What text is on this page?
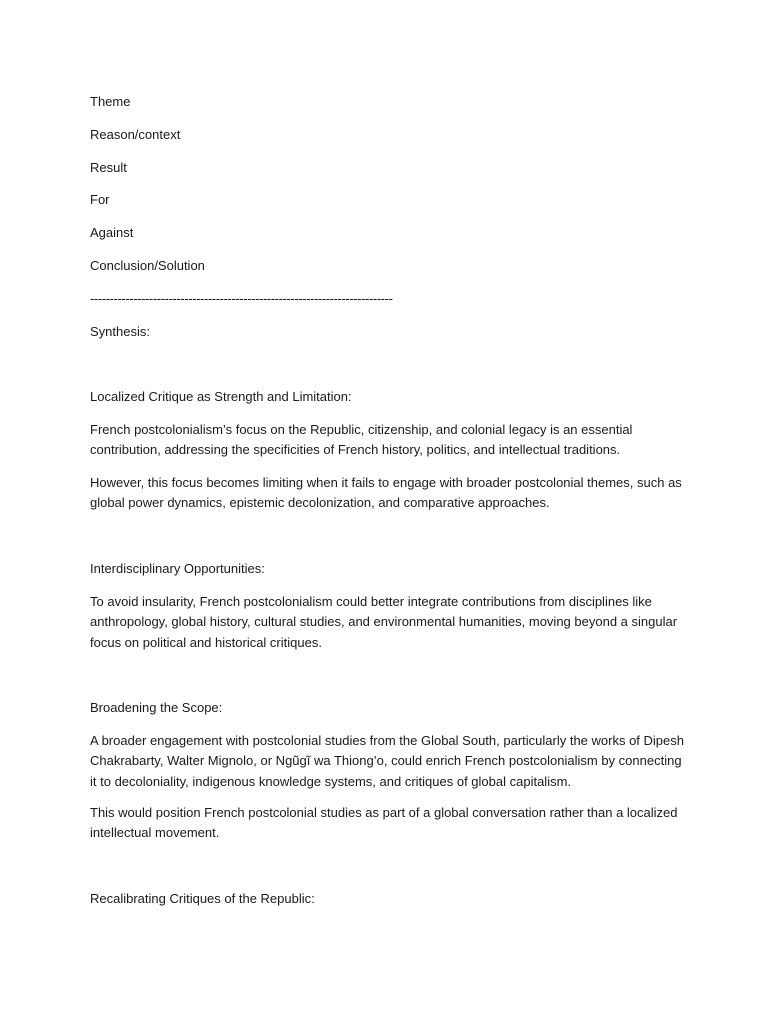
Theme
Reason/context
Result
For
Against
Conclusion/Solution
-----------------------------------------------------------------------------
Synthesis:
Localized Critique as Strength and Limitation:
French postcolonialism’s focus on the Republic, citizenship, and colonial legacy is an essential contribution, addressing the specificities of French history, politics, and intellectual traditions.
However, this focus becomes limiting when it fails to engage with broader postcolonial themes, such as global power dynamics, epistemic decolonization, and comparative approaches.
Interdisciplinary Opportunities:
To avoid insularity, French postcolonialism could better integrate contributions from disciplines like anthropology, global history, cultural studies, and environmental humanities, moving beyond a singular focus on political and historical critiques.
Broadening the Scope:
A broader engagement with postcolonial studies from the Global South, particularly the works of Dipesh Chakrabarty, Walter Mignolo, or Ngũgĩ wa Thiong’o, could enrich French postcolonialism by connecting it to decoloniality, indigenous knowledge systems, and critiques of global capitalism.
This would position French postcolonial studies as part of a global conversation rather than a localized intellectual movement.
Recalibrating Critiques of the Republic:
